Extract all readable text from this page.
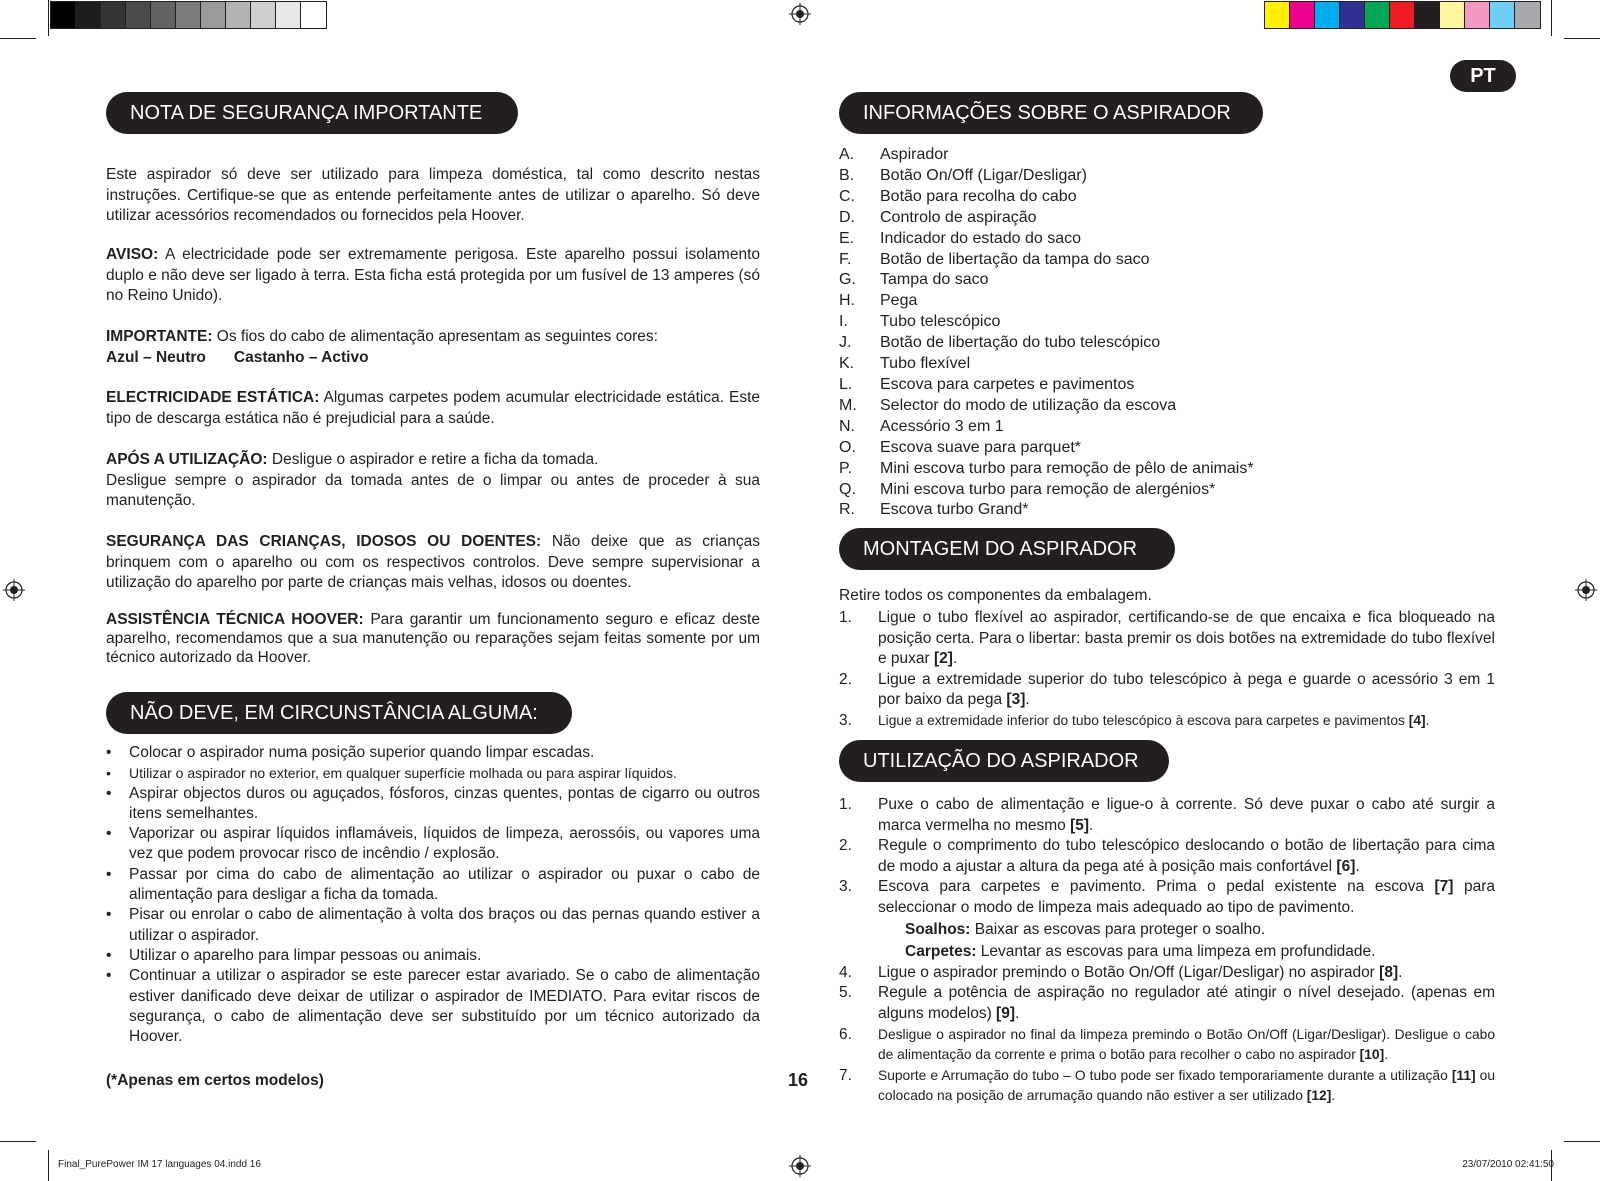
PT
NOTA DE SEGURANÇA IMPORTANTE
Este aspirador só deve ser utilizado para limpeza doméstica, tal como descrito nestas instruções. Certifique-se que as entende perfeitamente antes de utilizar o aparelho. Só deve utilizar acessórios recomendados ou fornecidos pela Hoover.
AVISO: A electricidade pode ser extremamente perigosa. Este aparelho possui isolamento duplo e não deve ser ligado à terra. Esta ficha está protegida por um fusível de 13 amperes (só no Reino Unido).
IMPORTANTE: Os fios do cabo de alimentação apresentam as seguintes cores:
Azul – Neutro Castanho – Activo
ELECTRICIDADE ESTÁTICA: Algumas carpetes podem acumular electricidade estática. Este tipo de descarga estática não é prejudicial para a saúde.
APÓS A UTILIZAÇÃO: Desligue o aspirador e retire a ficha da tomada.
Desligue sempre o aspirador da tomada antes de o limpar ou antes de proceder à sua manutenção.
SEGURANÇA DAS CRIANÇAS, IDOSOS OU DOENTES: Não deixe que as crianças brinquem com o aparelho ou com os respectivos controlos. Deve sempre supervisionar a utilização do aparelho por parte de crianças mais velhas, idosos ou doentes.
ASSISTÊNCIA TÉCNICA HOOVER: Para garantir um funcionamento seguro e eficaz deste aparelho, recomendamos que a sua manutenção ou reparações sejam feitas somente por um técnico autorizado da Hoover.
NÃO DEVE, EM CIRCUNSTÂNCIA ALGUMA:
• Colocar o aspirador numa posição superior quando limpar escadas.
• Utilizar o aspirador no exterior, em qualquer superfície molhada ou para aspirar líquidos.
• Aspirar objectos duros ou aguçados, fósforos, cinzas quentes, pontas de cigarro ou outros itens semelhantes.
• Vaporizar ou aspirar líquidos inflamáveis, líquidos de limpeza, aerossóis, ou vapores uma vez que podem provocar risco de incêndio / explosão.
• Passar por cima do cabo de alimentação ao utilizar o aspirador ou puxar o cabo de alimentação para desligar a ficha da tomada.
• Pisar ou enrolar o cabo de alimentação à volta dos braços ou das pernas quando estiver a utilizar o aspirador.
• Utilizar o aparelho para limpar pessoas ou animais.
• Continuar a utilizar o aspirador se este parecer estar avariado. Se o cabo de alimentação estiver danificado deve deixar de utilizar o aspirador de IMEDIATO. Para evitar riscos de segurança, o cabo de alimentação deve ser substituído por um técnico autorizado da Hoover.
(*Apenas em certos modelos)	16
INFORMAÇÕES SOBRE O ASPIRADOR
A.	Aspirador
B.	Botão On/Off (Ligar/Desligar)
C.	Botão para recolha do cabo
D.	Controlo de aspiração
E.	Indicador do estado do saco
F.	Botão de libertação da tampa do saco
G.	Tampa do saco
H.	Pega
I.	Tubo telescópico
J.	Botão de libertação do tubo telescópico
K.	Tubo flexível
L.	Escova para carpetes e pavimentos
M.	Selector do modo de utilização da escova
N.	Acessório 3 em 1
O.	Escova suave para parquet*
P.	Mini escova turbo para remoção de pêlo de animais*
Q.	Mini escova turbo para remoção de alergénios*
R.	Escova turbo Grand*
MONTAGEM DO ASPIRADOR
Retire todos os componentes da embalagem.
1.	Ligue o tubo flexível ao aspirador, certificando-se de que encaixa e fica bloqueado na posição certa. Para o libertar: basta premir os dois botões na extremidade do tubo flexível e puxar [2].
2.	Ligue a extremidade superior do tubo telescópico à pega e guarde o acessório 3 em 1 por baixo da pega [3].
3.	Ligue a extremidade inferior do tubo telescópico à escova para carpetes e pavimentos [4].
UTILIZAÇÃO DO ASPIRADOR
1.	Puxe o cabo de alimentação e ligue-o à corrente. Só deve puxar o cabo até surgir a marca vermelha no mesmo [5].
2.	Regule o comprimento do tubo telescópico deslocando o botão de libertação para cima de modo a ajustar a altura da pega até à posição mais confortável [6].
3.	Escova para carpetes e pavimento. Prima o pedal existente na escova [7] para seleccionar o modo de limpeza mais adequado ao tipo de pavimento.
Soalhos: Baixar as escovas para proteger o soalho.
Carpetes: Levantar as escovas para uma limpeza em profundidade.
4.	Ligue o aspirador premindo o Botão On/Off (Ligar/Desligar) no aspirador [8].
5.	Regule a potência de aspiração no regulador até atingir o nível desejado. (apenas em alguns modelos) [9].
6.	Desligue o aspirador no final da limpeza premindo o Botão On/Off (Ligar/Desligar). Desligue o cabo de alimentação da corrente e prima o botão para recolher o cabo no aspirador [10].
7.	Suporte e Arrumação do tubo – O tubo pode ser fixado temporariamente durante a utilização [11] ou colocado na posição de arrumação quando não estiver a ser utilizado [12].
Final_PurePower IM 17 languages 04.indd 16	23/07/2010 02:41:50
